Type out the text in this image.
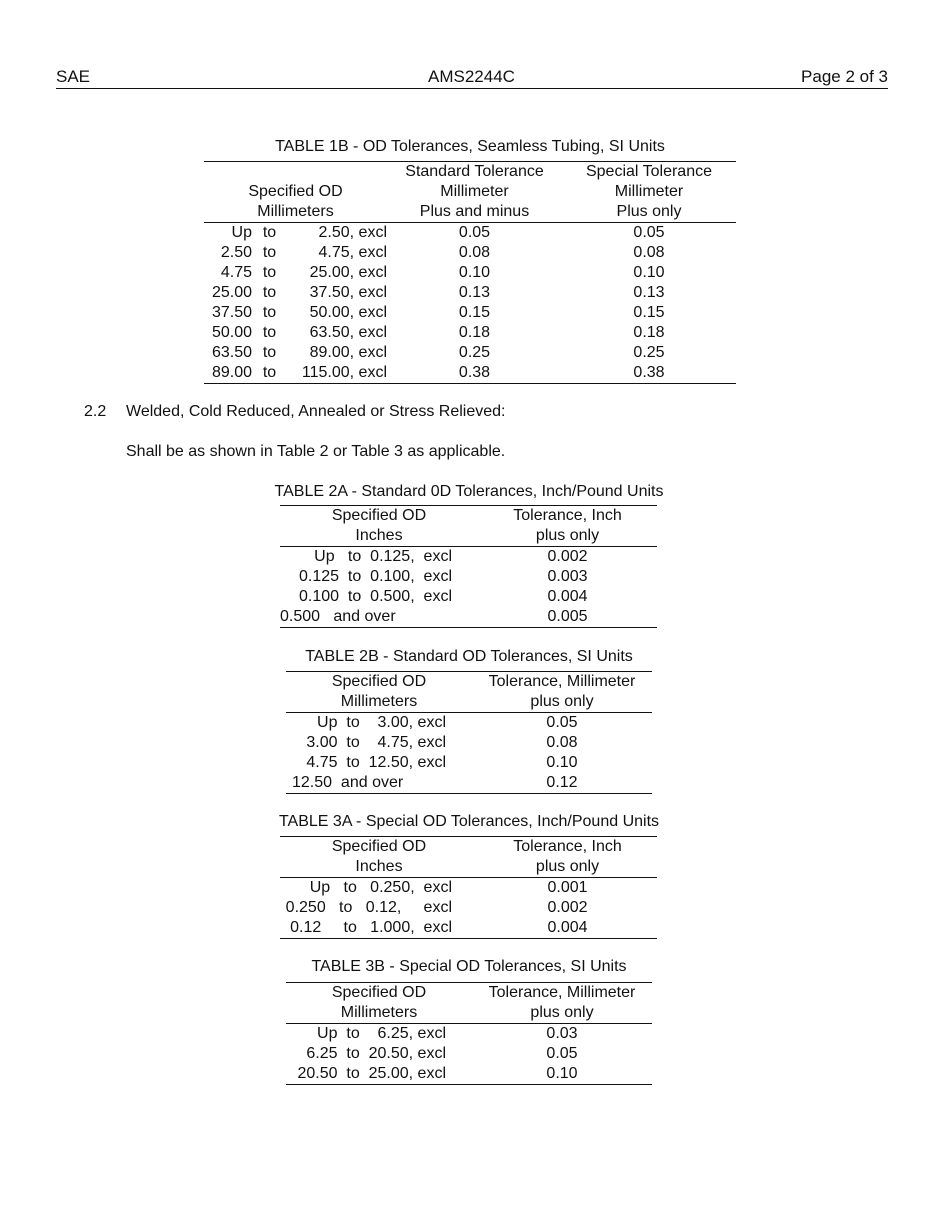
SAE	AMS2244C	Page 2 of 3
TABLE 1B - OD Tolerances, Seamless Tubing, SI Units
			Standard Tolerance	Special Tolerance
Specified OD			Millimeter	Millimeter
Millimeters			Plus and minus	Plus only
Up	to	2.50, excl	0.05	0.05
2.50	to	4.75, excl	0.08	0.08
4.75	to	25.00, excl	0.10	0.10
25.00	to	37.50, excl	0.13	0.13
37.50	to	50.00, excl	0.15	0.15
50.00	to	63.50, excl	0.18	0.18
63.50	to	89.00, excl	0.25	0.25
89.00	to	115.00, excl	0.38	0.38
2.2 Welded, Cold Reduced, Annealed or Stress Relieved:
Shall be as shown in Table 2 or Table 3 as applicable.
TABLE 2A - Standard 0D Tolerances, Inch/Pound Units
Specified OD	Tolerance, Inch
Inches	plus only
Up   to  0.125,  excl	0.002
0.125  to  0.100,  excl	0.003
0.100  to  0.500,  excl	0.004
0.500   and over	0.005
TABLE 2B - Standard OD Tolerances, SI Units
Specified OD	Tolerance, Millimeter
Millimeters	plus only
Up  to    3.00, excl	0.05
3.00  to    4.75, excl	0.08
4.75  to  12.50, excl	0.10
12.50  and over	0.12
TABLE 3A - Special OD Tolerances, Inch/Pound Units
Specified OD	Tolerance, Inch
Inches	plus only
Up   to   0.250,  excl	0.001
0.250   to   0.12,     excl	0.002
0.12     to   1.000,  excl	0.004
TABLE 3B - Special OD Tolerances, SI Units
Specified OD	Tolerance, Millimeter
Millimeters	plus only
Up  to    6.25, excl	0.03
6.25  to  20.50, excl	0.05
20.50  to  25.00, excl	0.10
